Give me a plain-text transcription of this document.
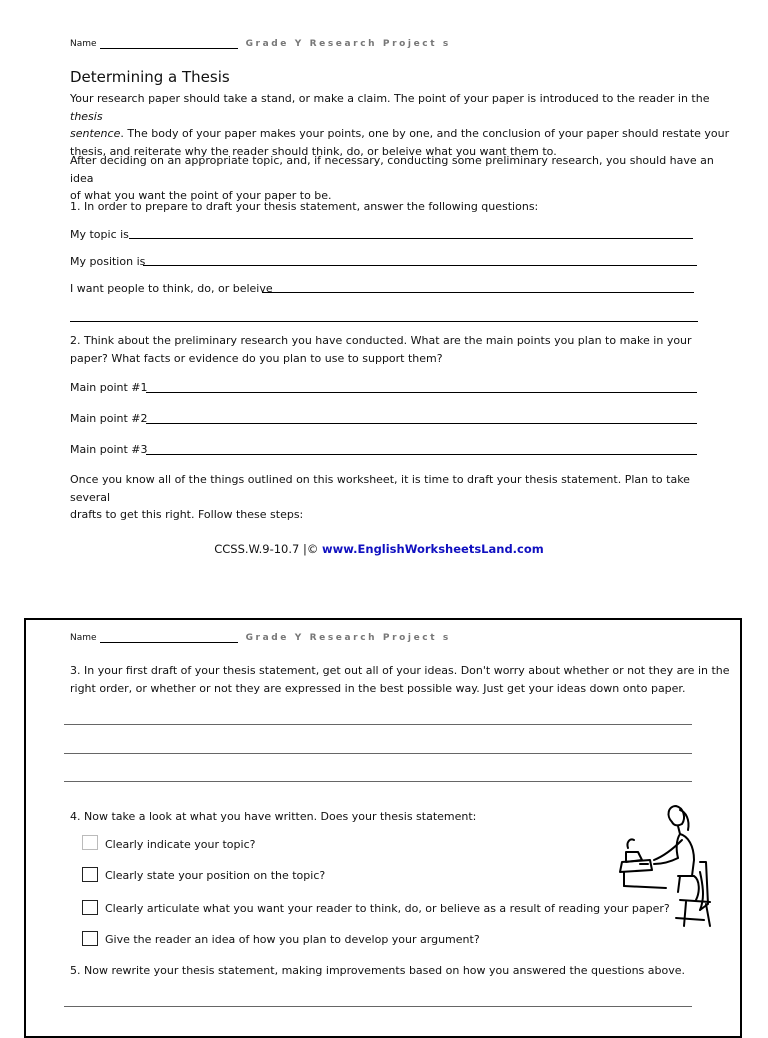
Name	Grade Y Research Project s
Determining a Thesis
Your research paper should take a stand, or make a claim. The point of your paper is introduced to the reader in the thesis
sentence. The body of your paper makes your points, one by one, and the conclusion of your paper should restate your
thesis, and reiterate why the reader should think, do, or beleive what you want them to.
After deciding on an appropriate topic, and, if necessary, conducting some preliminary research, you should have an idea
of what you want the point of your paper to be.
1. In order to prepare to draft your thesis statement, answer the following questions:
My topic is
My position is
I want people to think, do, or beleive
2. Think about the preliminary research you have conducted. What are the main points you plan to make in your
paper? What facts or evidence do you plan to use to support them?
Main point #1
Main point #2
Main point #3
Once you know all of the things outlined on this worksheet, it is time to draft your thesis statement. Plan to take several
drafts to get this right. Follow these steps:
CCSS.W.9-10.7 |© www.EnglishWorksheetsLand.com
Name	Grade Y Research Project s
3. In your first draft of your thesis statement, get out all of your ideas. Don't worry about whether or not they are in the
right order, or whether or not they are expressed in the best possible way. Just get your ideas down onto paper.
4. Now take a look at what you have written. Does your thesis statement:
Clearly indicate your topic?
Clearly state your position on the topic?
Clearly articulate what you want your reader to think, do, or believe as a result of reading your paper?
Give the reader an idea of how you plan to develop your argument?
5. Now rewrite your thesis statement, making improvements based on how you answered the questions above.
